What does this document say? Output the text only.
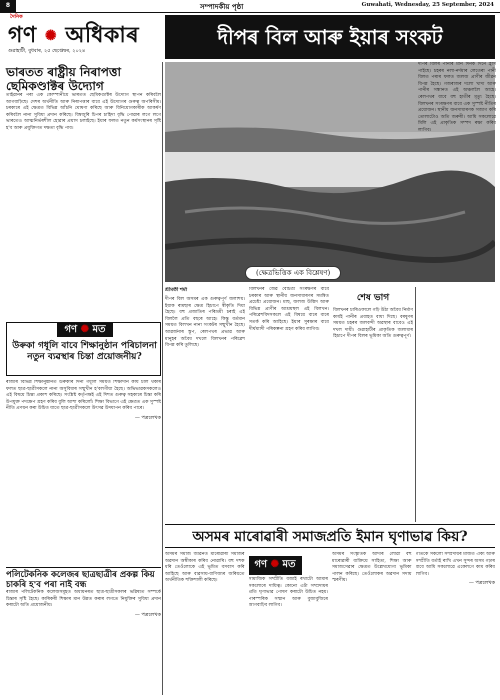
8	সম্পাদকীয় পৃষ্ঠা	Guwahati, Wednesday, 25 September, 2024
দৈনিক
গণ ✺ অধিকাৰ
গুৱাহাটী, বুধবাৰ, ২৫ ছেপ্তেম্বৰ, ২০২৪
দীপৰ বিল আৰু ইয়াৰ সংকট
(ক্ষেত্ৰভিত্তিক এক বিশ্লেষণ)
ভাৰতত ৰাষ্ট্ৰীয় নিৰাপত্তা ছেমিকণ্ডাক্টৰ উদ্যোগ

তাইৱানৰ পৰা এক কোম্পানীয়ে ভাৰতত ছেমিকণ্ডাক্টৰ উদ্যোগ স্থাপন কৰিবলৈ আগবাঢ়িছে। দেশৰ অৰ্থনীতি আৰু নিৰাপত্তাৰ বাবে এই উদ্যোগৰ গুৰুত্ব অপৰিসীম। চৰকাৰে এই ক্ষেত্ৰত বিভিন্ন আঁচনি ঘোষণা কৰিছে আৰু বিনিয়োগকাৰীক আকৰ্ষণ কৰিবলৈ নানা সুবিধা প্ৰদান কৰিছে। বিশ্বজুৰি চিপৰ চাহিদা বৃদ্ধি পোৱাৰ লগে লগে ভাৰতেও আত্মনিৰ্ভৰশীল হোৱাৰ প্ৰয়াস চলাইছে। ইয়াৰ ফলত নতুন কৰ্মসংস্থানৰ সৃষ্টি হ'ব আৰু প্ৰযুক্তিগত দক্ষতা বৃদ্ধি পাব।

গণ ✺ মত
উৰুকা গধূলি বাবে শিক্ষানুষ্ঠান পৰিচালনা নতুন ব্যৱস্থাৰ চিন্তা প্ৰয়োজনীয়?

ৰাজ্যৰ বিভিন্ন শিক্ষানুষ্ঠানত উৰুকাৰ দিনা গধূলি সময়ত শিক্ষাদান কাৰ্য চলি থকাৰ ফলত ছাত্ৰ-ছাত্ৰীসকলে নানা অসুবিধাৰ সন্মুখীন হ'বলগীয়া হৈছে। অভিভাৱকসকলেও এই বিষয়ে চিন্তা প্ৰকাশ কৰিছে। সংশ্লিষ্ট কৰ্তৃপক্ষই এই দিশত গুৰুত্ব সহকাৰে চিন্তা কৰি উপযুক্ত পদক্ষেপ গ্ৰহণ কৰিব বুলি আশা কৰিলোঁ। শিক্ষা বিভাগে এই ক্ষেত্ৰত এক সুস্পষ্ট নীতি প্ৰণয়ন কৰা উচিত যাতে ছাত্ৰ-ছাত্ৰীসকলে উৎসৱ উদযাপন কৰিব পাৰে।

— পত্ৰলেখক
পলিটেকনিক কলেজৰ ছাত্ৰছাত্ৰীৰ প্ৰকল্প কিয় চাকৰি হ'ব পৰা নাই বন্ধ

ৰাজ্যৰ পলিটেকনিক কলেজসমূহত অধ্যয়নৰত ছাত্ৰ-ছাত্ৰীসকলৰ ভৱিষ্যত সম্পৰ্কে চিন্তাৰ সৃষ্টি হৈছে। কাৰিকৰী শিক্ষাৰ মান উন্নত কৰাৰ লগতে নিযুক্তিৰ সুবিধা প্ৰদান কৰাটো অতি প্ৰয়োজনীয়।

— পত্ৰলেখক
শ্ৰীমতী শৰ্মা

দীপৰ বিল অসমৰ এক গুৰুত্বপূৰ্ণ জলাশয়। ইয়াক ৰামছাৰ ক্ষেত্ৰ হিচাপে স্বীকৃতি দিয়া হৈছে। বহু প্ৰজাতিৰ পৰিভ্ৰমী চৰাই এই বিললৈ প্ৰতি বছৰে আহে। কিন্তু বৰ্তমান সময়ত বিলখন নানা সংকটৰ সন্মুখীন হৈছে। আৱৰ্জনাৰ স্তূপ, ৰেলপথৰ প্ৰভাৱ আৰু মানুহৰ অবৈধ দখলে বিলখনৰ পৰিৱেশ বিপন্ন কৰি তুলিছে।

বিলখনৰ জৈৱ বৈচিত্ৰ্য সংৰক্ষণৰ বাবে চৰকাৰ আৰু স্থানীয় জনসাধাৰণৰ সমন্বিত প্ৰচেষ্টা প্ৰয়োজন। মাছ, জলজ উদ্ভিদ আৰু বিভিন্ন প্ৰাণীৰ আশ্ৰয়স্থল এই বিলখন। পৰিৱেশবিদসকলে এই বিষয়ে বাৰে বাৰে সতৰ্ক কৰি আহিছে। ইয়াৰ সুৰক্ষাৰ বাবে দীৰ্ঘম্যাদী পৰিকল্পনা গ্ৰহণ কৰিব লাগিব।

শেষ ভাগ

বিলখনৰ চাৰিওফালে গঢ়ি উঠা অবৈধ নিৰ্মাণ কাৰ্যই পানীৰ প্ৰবাহত বাধা দিছে। বৰষুণৰ সময়ত চহৰৰ জলবন্দী অৱস্থাৰ বাবেও এই দখল দায়ী। গুৱাহাটীৰ প্ৰাকৃতিক জলাধাৰ হিচাপে দীপৰ বিলৰ ভূমিকা অতি গুৰুত্বপূৰ্ণ।

দীপৰ বিলৰ পানীৰ মান দিনক দিনে হ্ৰাস পাইছে। চহৰৰ নলা-নৰ্দমাৰ লেতেৰা পানী বিলত পৰাৰ ফলত জলজ প্ৰাণীৰ জীৱন বিপন্ন হৈছে। গজৰাজৰ দলো খাদ্য আৰু পানীৰ সন্ধানত এই অঞ্চললৈ আহে। ৰেলপথৰ বাবে বহু হাতীৰ মৃত্যু হৈছে। বিলখনৰ সংৰক্ষণৰ বাবে এক সুস্পষ্ট নীতিৰ প্ৰয়োজন। স্থানীয় জনসাধাৰণক সজাগ কৰি তোলাটোও অতি জৰুৰী। আমি সকলোৱে মিলি এই প্ৰাকৃতিক সম্পদ ৰক্ষা কৰিব লাগিব।

অসমৰ মাৰোৱাৰী সমাজপ্ৰতি ইমান ঘৃণাভাৱ কিয়?

অসমৰ সমাজ জীৱনত মাৰোৱাৰী সমাজৰ অৱদান অস্বীকাৰ কৰিব নোৱাৰি। বহু দশক ধৰি তেওঁলোকে এই ভূমিত বসবাস কৰি আহিছে আৰু ব্যৱসায়-বাণিজ্যৰ জৰিয়তে অৰ্থনীতিক শক্তিশালী কৰিছে।

গণ ✺ মত

সামাজিক সম্প্ৰীতি বজাই ৰখাটো আমাৰ সকলোৰে দায়িত্ব। কোনো এটা সম্প্ৰদায়ৰ প্ৰতি ঘৃণাভাৱ পোষণ কৰাটো উচিত নহয়। পাৰস্পৰিক সন্মান আৰু বুজাবুজিৰে আগবাঢ়িব লাগিব।

অসমৰ সংস্কৃতিক আদৰি লোৱা বহু মাৰোৱাৰী ব্যক্তিয়ে সাহিত্য, শিক্ষা আৰু সমাজসেৱাৰ ক্ষেত্ৰত উল্লেখযোগ্য ভূমিকা পালন কৰিছে। তেওঁলোকৰ অৱদান সদায় স্মৰণীয়।

গতিকে সকলো সম্প্ৰদায়ৰ মাজত ঐক্য আৰু সম্প্ৰীতি বৰ্তাই ৰাখি এখন সুন্দৰ অসম গঢ়াৰ বাবে আমি সকলোৱে একেলগে কাম কৰিব লাগিব।

— পত্ৰলেখক
